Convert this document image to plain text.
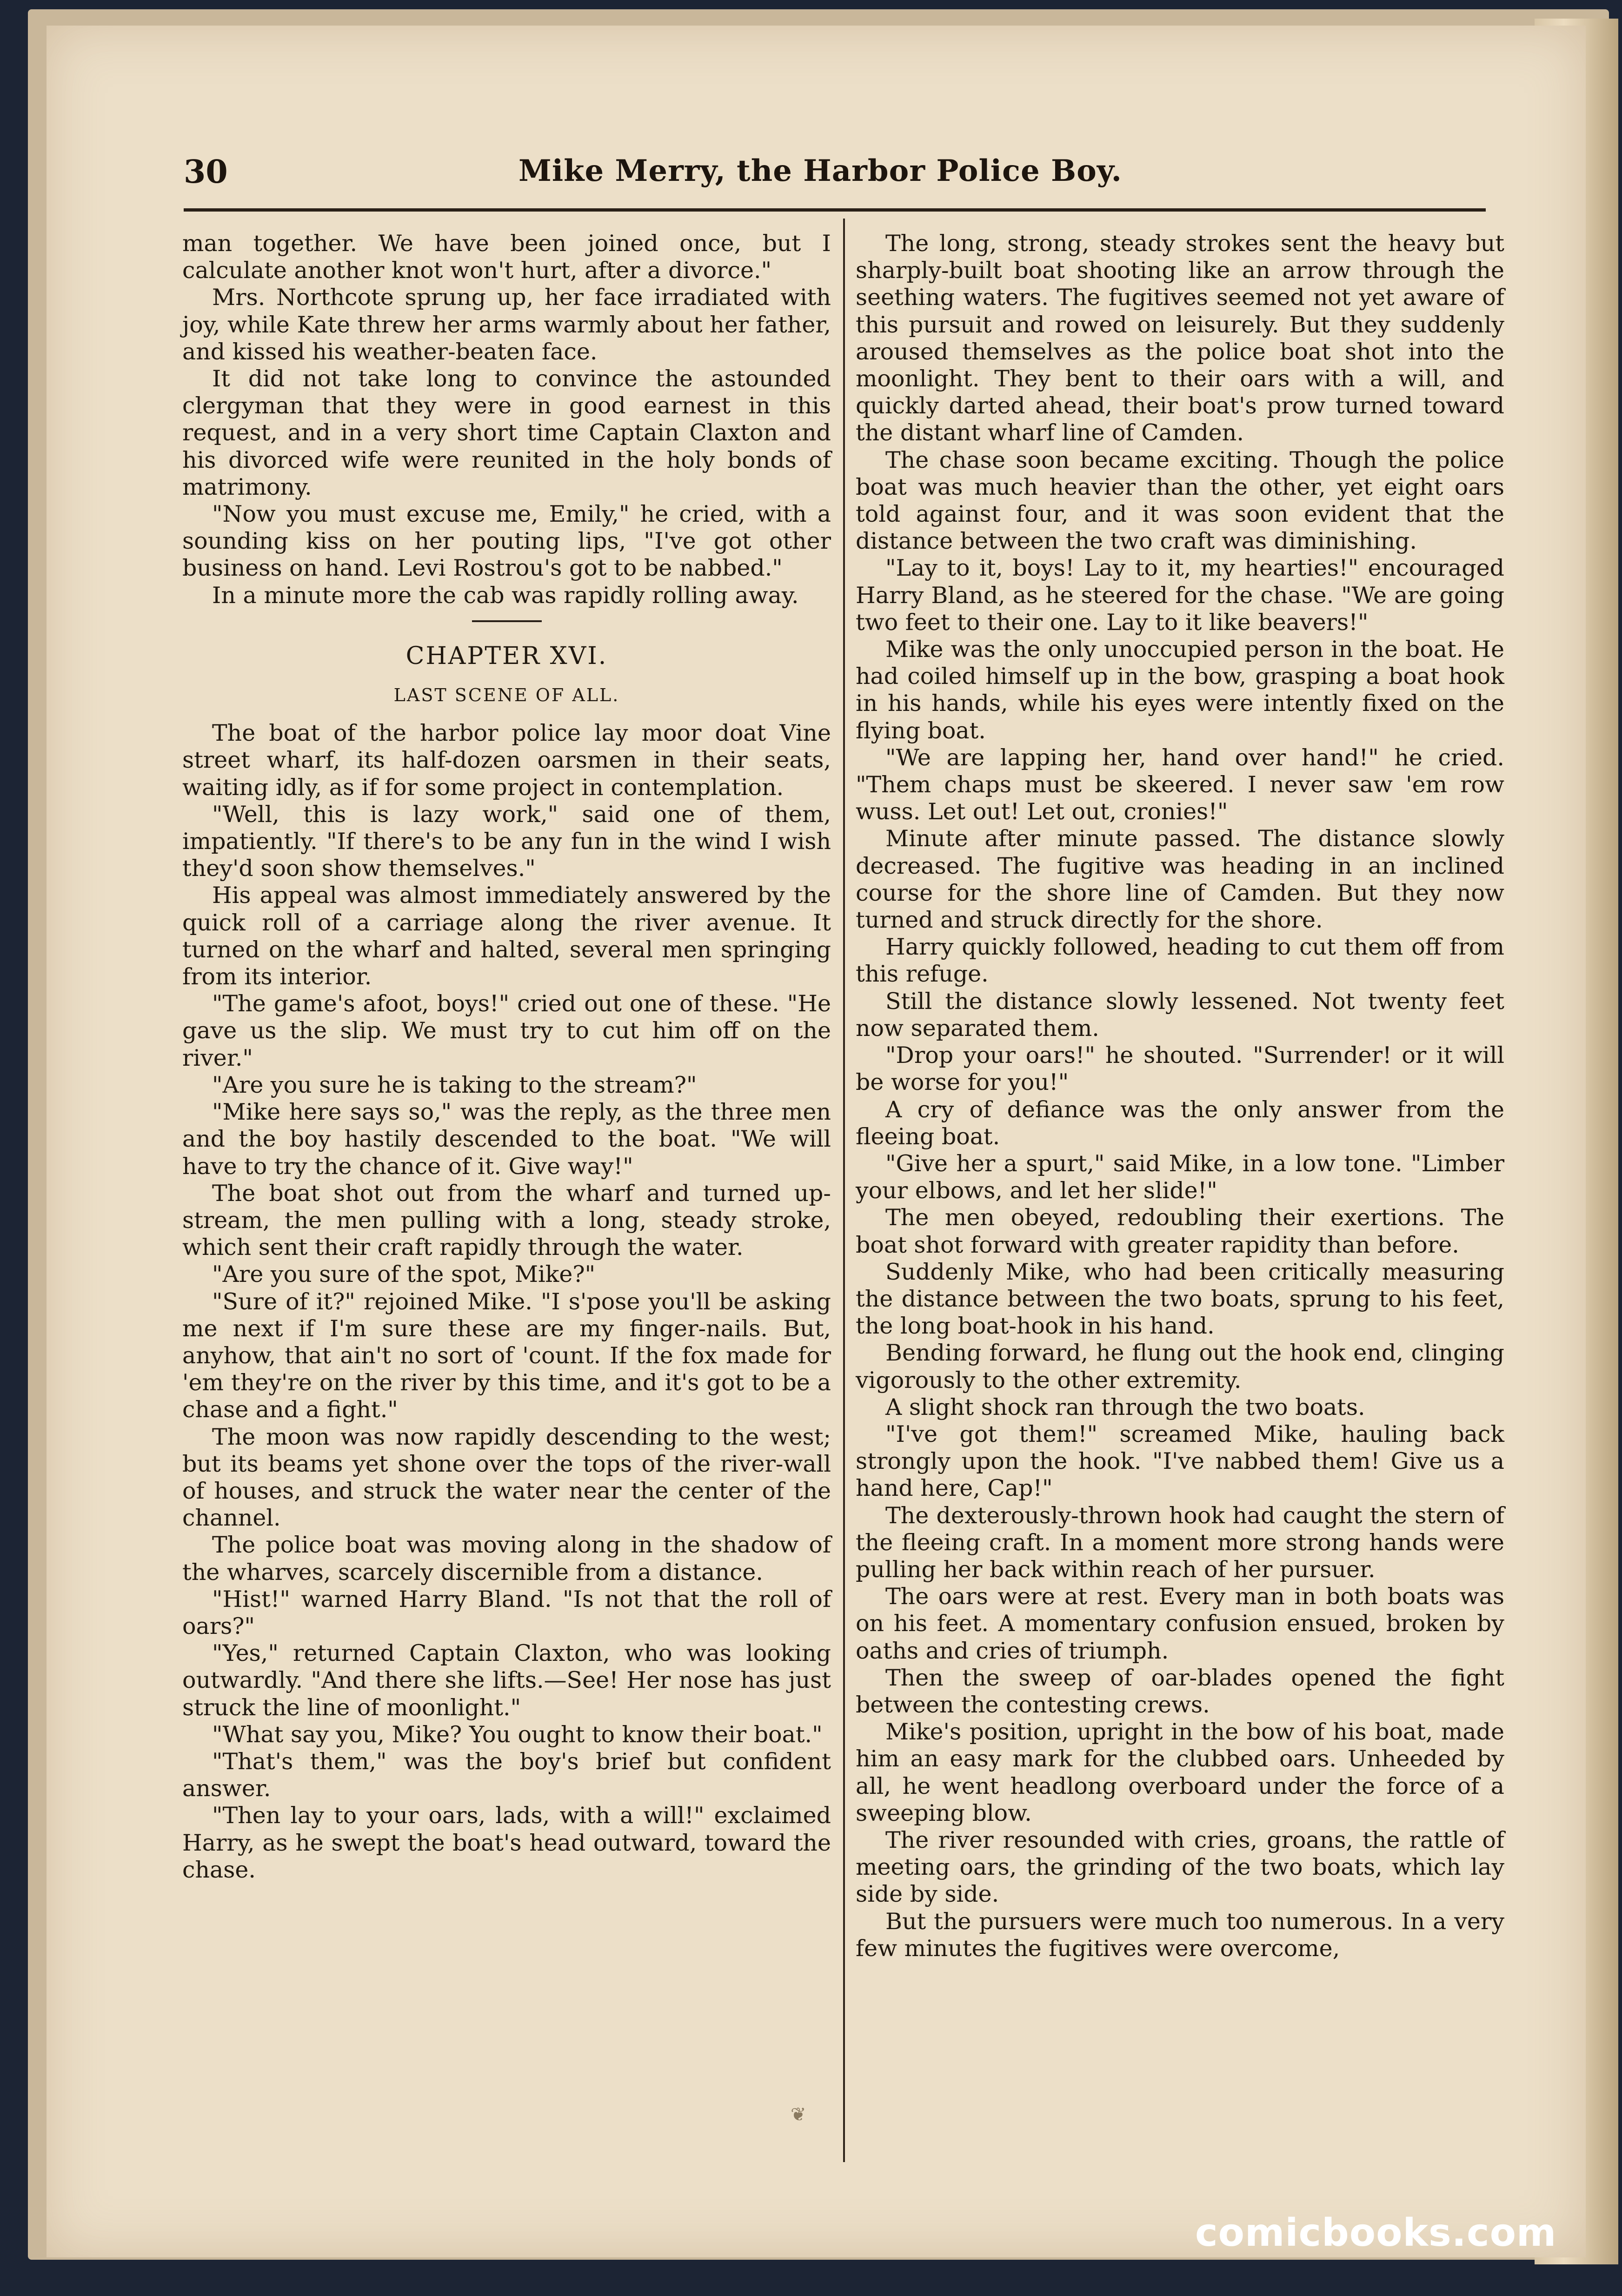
30	Mike Merry, the Harbor Police Boy.

man together. We have been joined once, but I calculate another knot won't hurt, after a divorce."

Mrs. Northcote sprung up, her face irradiated with joy, while Kate threw her arms warmly about her father, and kissed his weather-beaten face.

It did not take long to convince the astounded clergyman that they were in good earnest in this request, and in a very short time Captain Claxton and his divorced wife were reunited in the holy bonds of matrimony.

"Now you must excuse me, Emily," he cried, with a sounding kiss on her pouting lips, "I've got other business on hand. Levi Rostrou's got to be nabbed."

In a minute more the cab was rapidly rolling away.

CHAPTER XVI.
LAST SCENE OF ALL.

The boat of the harbor police lay moor dоat Vine street wharf, its half-dozen oarsmen in their seats, waiting idly, as if for some project in contemplation.

"Well, this is lazy work," said one of them, impatiently. "If there's to be any fun in the wind I wish they'd soon show themselves."

His appeal was almost immediately answered by the quick roll of a carriage along the river avenue. It turned on the wharf and halted, several men springing from its interior.

"The game's afoot, boys!" cried out one of these. "He gave us the slip. We must try to cut him off on the river."

"Are you sure he is taking to the stream?"

"Mike here says so," was the reply, as the three men and the boy hastily descended to the boat. "We will have to try the chance of it. Give way!"

The boat shot out from the wharf and turned up-stream, the men pulling with a long, steady stroke, which sent their craft rapidly through the water.

"Are you sure of the spot, Mike?"

"Sure of it?" rejoined Mike. "I s'pose you'll be asking me next if I'm sure these are my finger-nails. But, anyhow, that ain't no sort of 'count. If the fox made for 'em they're on the river by this time, and it's got to be a chase and a fight."

The moon was now rapidly descending to the west; but its beams yet shone over the tops of the river-wall of houses, and struck the water near the center of the channel.

The police boat was moving along in the shadow of the wharves, scarcely discernible from a distance.

"Hist!" warned Harry Bland. "Is not that the roll of oars?"

"Yes," returned Captain Claxton, who was looking outwardly. "And there she lifts.—See! Her nose has just struck the line of moonlight."

"What say you, Mike? You ought to know their boat."

"That's them," was the boy's brief but confident answer.

"Then lay to your oars, lads, with a will!" exclaimed Harry, as he swept the boat's head outward, toward the chase.

The long, strong, steady strokes sent the heavy but sharply-built boat shooting like an arrow through the seething waters. The fugitives seemed not yet aware of this pursuit and rowed on leisurely. But they suddenly aroused themselves as the police boat shot into the moonlight. They bent to their oars with a will, and quickly darted ahead, their boat's prow turned toward the distant wharf line of Camden.

The chase soon became exciting. Though the police boat was much heavier than the other, yet eight oars told against four, and it was soon evident that the distance between the two craft was diminishing.

"Lay to it, boys! Lay to it, my hearties!" encouraged Harry Bland, as he steered for the chase. "We are going two feet to their one. Lay to it like beavers!"

Mike was the only unoccupied person in the boat. He had coiled himself up in the bow, grasping a boat hook in his hands, while his eyes were intently fixed on the flying boat.

"We are lapping her, hand over hand!" he cried. "Them chaps must be skeered. I never saw 'em row wuss. Let out! Let out, cronies!"

Minute after minute passed. The distance slowly decreased. The fugitive was heading in an inclined course for the shore line of Camden. But they now turned and struck directly for the shore.

Harry quickly followed, heading to cut them off from this refuge.

Still the distance slowly lessened. Not twenty feet now separated them.

"Drop your oars!" he shouted. "Surrender! or it will be worse for you!"

A cry of defiance was the only answer from the fleeing boat.

"Give her a spurt," said Mike, in a low tone. "Limber your elbows, and let her slide!"

The men obeyed, redoubling their exertions. The boat shot forward with greater rapidity than before.

Suddenly Mike, who had been critically measuring the distance between the two boats, sprung to his feet, the long boat-hook in his hand.

Bending forward, he flung out the hook end, clinging vigorously to the other extremity.

A slight shock ran through the two boats.

"I've got them!" screamed Mike, hauling back strongly upon the hook. "I've nabbed them! Give us a hand here, Cap!"

The dexterously-thrown hook had caught the stern of the fleeing craft. In a moment more strong hands were pulling her back within reach of her pursuer.

The oars were at rest. Every man in both boats was on his feet. A momentary confusion ensued, broken by oaths and cries of triumph.

Then the sweep of oar-blades opened the fight between the contesting crews.

Mike's position, upright in the bow of his boat, made him an easy mark for the clubbed oars. Unheeded by all, he went headlong overboard under the force of a sweeping blow.

The river resounded with cries, groans, the rattle of meeting oars, the grinding of the two boats, which lay side by side.

But the pursuers were much too numerous. In a very few minutes the fugitives were overcome,

❦
comicbooks.com
